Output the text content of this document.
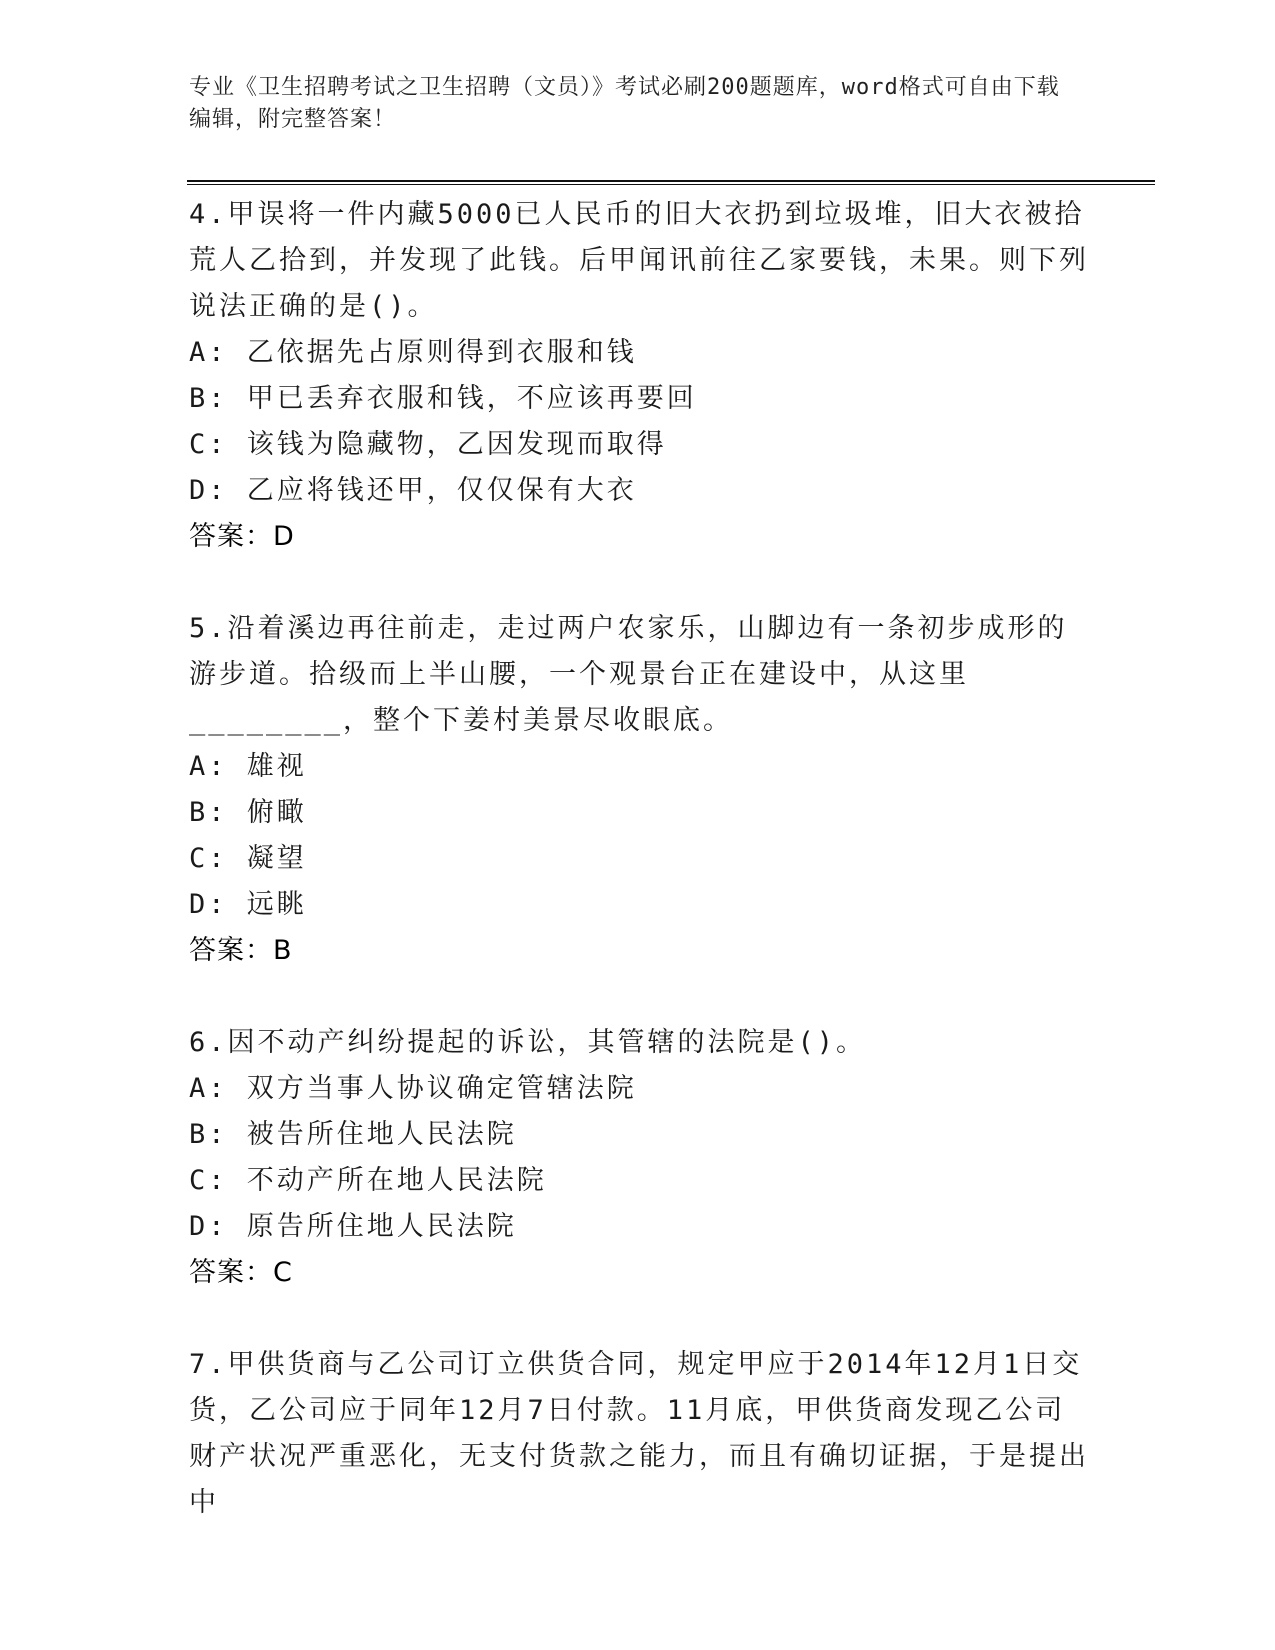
专业《卫生招聘考试之卫生招聘（文员）》考试必刷200题题库，word格式可自由下载编辑，附完整答案！
4.甲误将一件内藏5000已人民币的旧大衣扔到垃圾堆，旧大衣被拾荒人乙拾到，并发现了此钱。后甲闻讯前往乙家要钱，未果。则下列说法正确的是()。
A: 乙依据先占原则得到衣服和钱
B: 甲已丢弃衣服和钱，不应该再要回
C: 该钱为隐藏物，乙因发现而取得
D: 乙应将钱还甲，仅仅保有大衣
答案：D
5.沿着溪边再往前走，走过两户农家乐，山脚边有一条初步成形的游步道。拾级而上半山腰，一个观景台正在建设中，从这里________，整个下姜村美景尽收眼底。
A: 雄视
B: 俯瞰
C: 凝望
D: 远眺
答案：B
6.因不动产纠纷提起的诉讼，其管辖的法院是()。
A: 双方当事人协议确定管辖法院
B: 被告所住地人民法院
C: 不动产所在地人民法院
D: 原告所住地人民法院
答案：C
7.甲供货商与乙公司订立供货合同，规定甲应于2014年12月1日交货，乙公司应于同年12月7日付款。11月底，甲供货商发现乙公司财产状况严重恶化，无支付货款之能力，而且有确切证据，于是提出中
